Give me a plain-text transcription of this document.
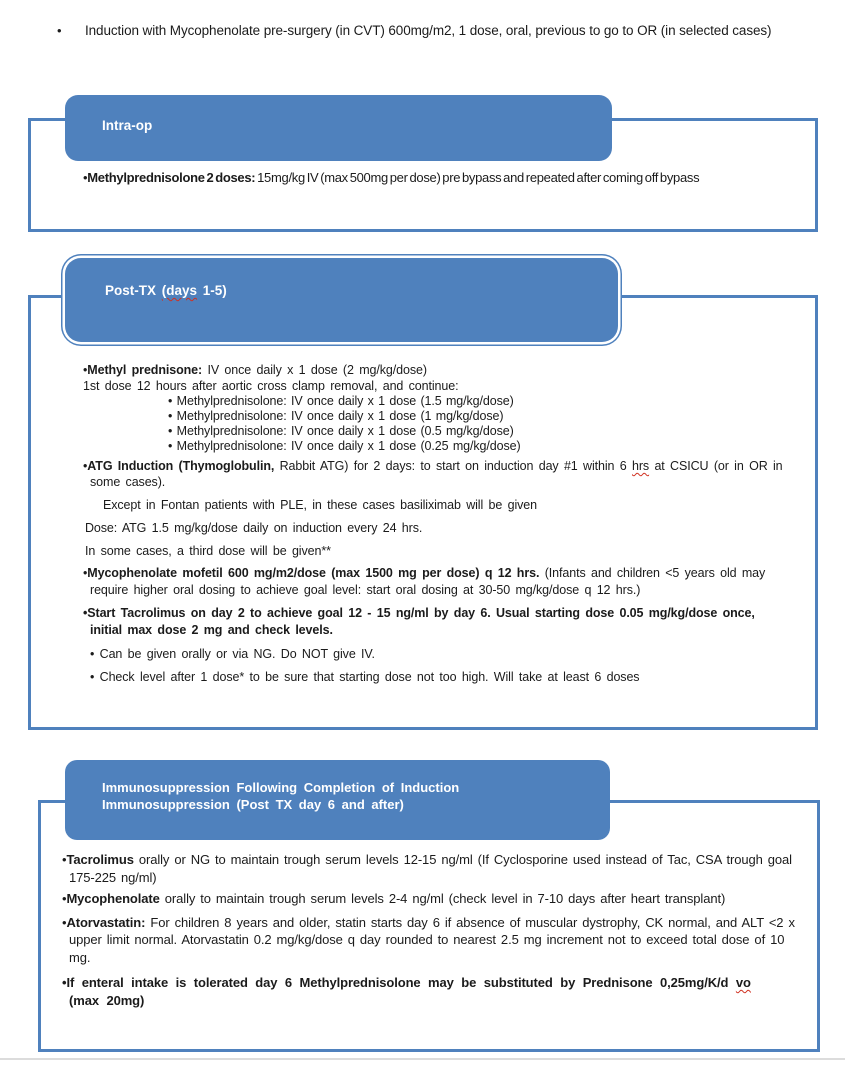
•	Induction with Mycophenolate pre-surgery (in CVT) 600mg/m2, 1 dose, oral, previous to go to OR (in selected cases)
Intra-op
•Methylprednisolone 2 doses: 15mg/kg IV (max 500mg per dose) pre bypass and repeated after coming off bypass
Post-TX (days 1-5)
• Methyl prednisone: IV once daily x 1 dose (2 mg/kg/dose)
1st dose 12 hours after aortic cross clamp removal, and continue:
• Methylprednisolone: IV once daily x 1 dose (1.5 mg/kg/dose)
• Methylprednisolone: IV once daily x 1 dose (1 mg/kg/dose)
• Methylprednisolone: IV once daily x 1 dose (0.5 mg/kg/dose)
• Methylprednisolone: IV once daily x 1 dose (0.25 mg/kg/dose)
• ATG Induction (Thymoglobulin, Rabbit ATG) for 2 days: to start on induction day #1 within 6 hrs at CSICU (or in OR in some cases).
Except in Fontan patients with PLE, in these cases basiliximab will be given
Dose: ATG 1.5 mg/kg/dose daily on induction every 24 hrs.
In some cases, a third dose will be given**
• Mycophenolate mofetil 600 mg/m2/dose (max 1500 mg per dose) q 12 hrs. (Infants and children <5 years old may require higher oral dosing to achieve goal level: start oral dosing at 30-50 mg/kg/dose q 12 hrs.)
• Start Tacrolimus on day 2 to achieve goal 12 - 15 ng/ml by day 6. Usual starting dose 0.05 mg/kg/dose once, initial max dose 2 mg and check levels.
• Can be given orally or via NG. Do NOT give IV.
• Check level after 1 dose* to be sure that starting dose not too high. Will take at least 6 doses
Immunosuppression Following Completion of Induction
Immunosuppression (Post TX day 6 and after)
• Tacrolimus orally or NG to maintain trough serum levels 12-15 ng/ml (If Cyclosporine used instead of Tac, CSA trough goal 175-225 ng/ml)
• Mycophenolate orally to maintain trough serum levels 2-4 ng/ml (check level in 7-10 days after heart transplant)
• Atorvastatin: For children 8 years and older, statin starts day 6 if absence of muscular dystrophy, CK normal, and ALT <2 x upper limit normal. Atorvastatin 0.2 mg/kg/dose q day rounded to nearest 2.5 mg increment not to exceed total dose of 10 mg.
• If enteral intake is tolerated day 6 Methylprednisolone may be substituted by Prednisone 0,25mg/K/d vo (max 20mg)
